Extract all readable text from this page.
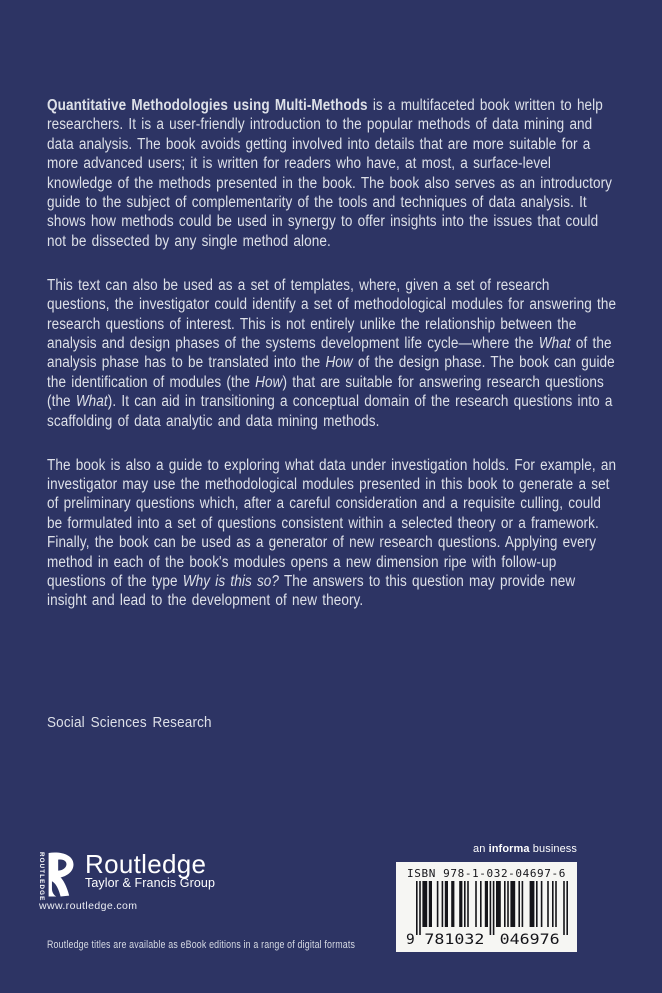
Quantitative Methodologies using Multi-Methods is a multifaceted book written to help researchers. It is a user-friendly introduction to the popular methods of data mining and data analysis. The book avoids getting involved into details that are more suitable for a more advanced users; it is written for readers who have, at most, a surface-level knowledge of the methods presented in the book. The book also serves as an introductory guide to the subject of complementarity of the tools and techniques of data analysis. It shows how methods could be used in synergy to offer insights into the issues that could not be dissected by any single method alone.

This text can also be used as a set of templates, where, given a set of research questions, the investigator could identify a set of methodological modules for answering the research questions of interest. This is not entirely unlike the relationship between the analysis and design phases of the systems development life cycle—where the What of the analysis phase has to be translated into the How of the design phase. The book can guide the identification of modules (the How) that are suitable for answering research questions (the What). It can aid in transitioning a conceptual domain of the research questions into a scaffolding of data analytic and data mining methods.

The book is also a guide to exploring what data under investigation holds. For example, an investigator may use the methodological modules presented in this book to generate a set of preliminary questions which, after a careful consideration and a requisite culling, could be formulated into a set of questions consistent within a selected theory or a framework. Finally, the book can be used as a generator of new research questions. Applying every method in each of the book's modules opens a new dimension ripe with follow-up questions of the type Why is this so? The answers to this question may provide new insight and lead to the development of new theory.

Social Sciences Research
ROUTLEDGE Routledge
Taylor & Francis Group
www.routledge.com
an informa business
ISBN 978-1-032-04697-6
9 781032 046976
Routledge titles are available as eBook editions in a range of digital formats
